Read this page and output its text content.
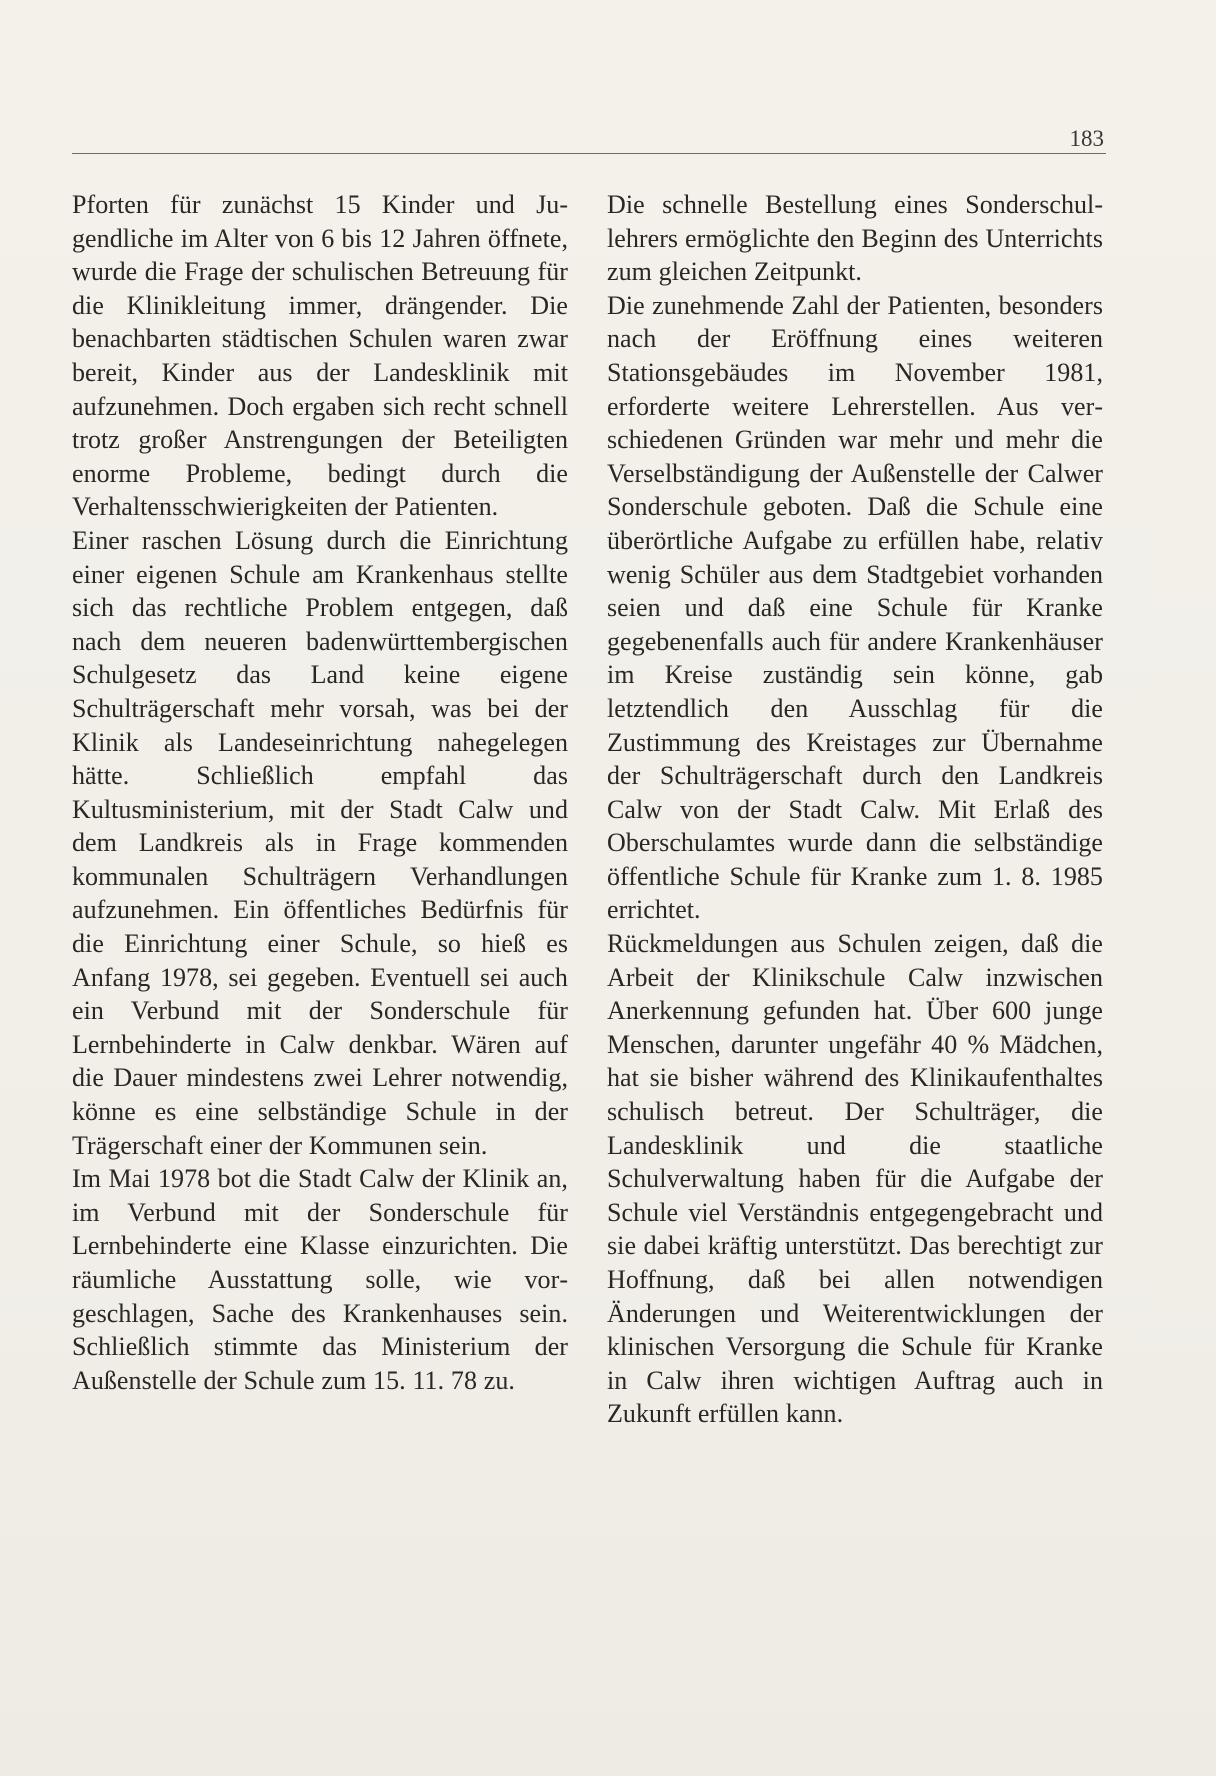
183

Pforten für zunächst 15 Kinder und Jugendliche im Alter von 6 bis 12 Jahren öffnete, wurde die Frage der schulischen Betreuung für die Klinikleitung immer, drängender. Die benachbarten städtischen Schulen waren zwar bereit, Kinder aus der Landesklinik mit aufzunehmen. Doch ergaben sich recht schnell trotz großer Anstrengungen der Beteiligten enorme Probleme, bedingt durch die Verhaltensschwierigkeiten der Patienten.

Einer raschen Lösung durch die Einrichtung einer eigenen Schule am Krankenhaus stellte sich das rechtliche Problem entgegen, daß nach dem neueren badenwürttembergischen Schulgesetz das Land keine eigene Schulträgerschaft mehr vorsah, was bei der Klinik als Landeseinrichtung nahegelegen hätte. Schließlich empfahl das Kultusministerium, mit der Stadt Calw und dem Landkreis als in Frage kommenden kommunalen Schulträgern Verhandlungen aufzunehmen. Ein öffentliches Bedürfnis für die Einrichtung einer Schule, so hieß es Anfang 1978, sei gegeben. Eventuell sei auch ein Verbund mit der Sonderschule für Lernbehinderte in Calw denkbar. Wären auf die Dauer mindestens zwei Lehrer notwendig, könne es eine selbständige Schule in der Trägerschaft einer der Kommunen sein.

Im Mai 1978 bot die Stadt Calw der Klinik an, im Verbund mit der Sonderschule für Lernbehinderte eine Klasse einzurichten. Die räumliche Ausstattung solle, wie vorgeschlagen, Sache des Krankenhauses sein. Schließlich stimmte das Ministerium der Außenstelle der Schule zum 15. 11. 78 zu.

Die schnelle Bestellung eines Sonderschullehrers ermöglichte den Beginn des Unterrichts zum gleichen Zeitpunkt.

Die zunehmende Zahl der Patienten, besonders nach der Eröffnung eines weiteren Stationsgebäudes im November 1981, erforderte weitere Lehrerstellen. Aus verschiedenen Gründen war mehr und mehr die Verselbständigung der Außenstelle der Calwer Sonderschule geboten. Daß die Schule eine überörtliche Aufgabe zu erfüllen habe, relativ wenig Schüler aus dem Stadtgebiet vorhanden seien und daß eine Schule für Kranke gegebenenfalls auch für andere Krankenhäuser im Kreise zuständig sein könne, gab letztendlich den Ausschlag für die Zustimmung des Kreistages zur Übernahme der Schulträgerschaft durch den Landkreis Calw von der Stadt Calw. Mit Erlaß des Oberschulamtes wurde dann die selbständige öffentliche Schule für Kranke zum 1. 8. 1985 errichtet.

Rückmeldungen aus Schulen zeigen, daß die Arbeit der Klinikschule Calw inzwischen Anerkennung gefunden hat. Über 600 junge Menschen, darunter ungefähr 40 % Mädchen, hat sie bisher während des Klinikaufenthaltes schulisch betreut. Der Schulträger, die Landesklinik und die staatliche Schulverwaltung haben für die Aufgabe der Schule viel Verständnis entgegengebracht und sie dabei kräftig unterstützt. Das berechtigt zur Hoffnung, daß bei allen notwendigen Änderungen und Weiterentwicklungen der klinischen Versorgung die Schule für Kranke in Calw ihren wichtigen Auftrag auch in Zukunft erfüllen kann.
